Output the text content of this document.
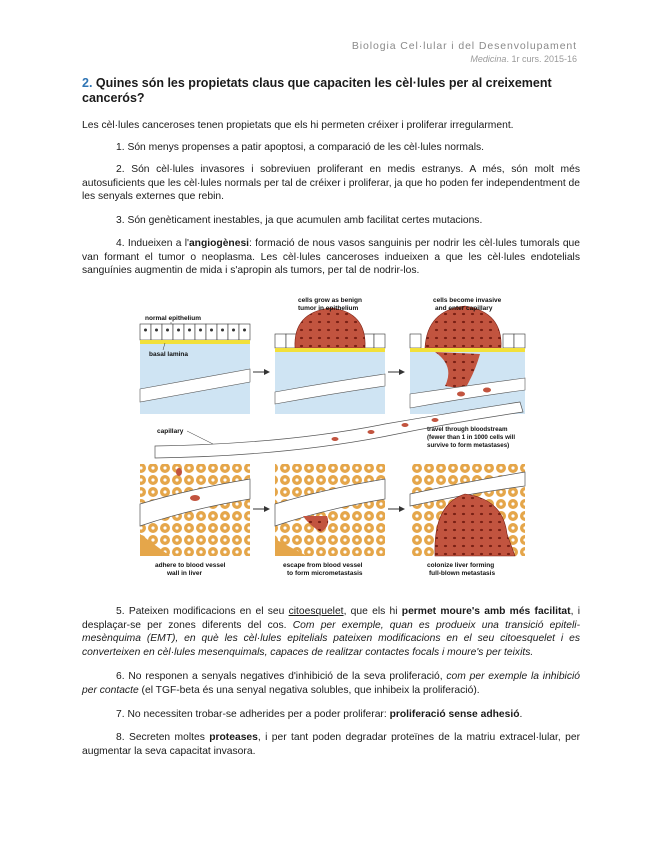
Biologia Cel·lular i del Desenvolupament
Medicina. 1r curs. 2015-16
2. Quines són les propietats claus que capaciten les cèl·lules per al creixement cancerós?

Les cèl·lules canceroses tenen propietats que els hi permeten créixer i proliferar irregularment.

1. Són menys propenses a patir apoptosi, a comparació de les cèl·lules normals.

2. Són cèl·lules invasores i sobreviuen proliferant en medis estranys. A més, són molt més autosuficients que les cèl·lules normals per tal de créixer i proliferar, ja que ho poden fer independentment de les senyals externes que rebin.

3. Són genèticament inestables, ja que acumulen amb facilitat certes mutacions.

4. Indueixen a l'angiogènesi: formació de nous vasos sanguinis per nodrir les cèl·lules tumorals que van formant el tumor o neoplasma. Les cèl·lules canceroses indueixen a que les cèl·lules endotelials sanguínies augmentin de mida i s'apropin als tumors, per tal de nodrir-los.

normal epithelium
basal lamina
cells grow as benign
tumor in epithelium
cells become invasive
and enter capillary
capillary	travel through bloodstream
(fewer than 1 in 1000 cells will
survive to form metastases)
adhere to blood vessel
wall in liver
escape from blood vessel
to form micrometastasis
colonize liver forming
full-blown metastasis

5. Pateixen modificacions en el seu citoesquelet, que els hi permet moure's amb més facilitat, i desplaçar-se per zones diferents del cos. Com per exemple, quan es produeix una transició epiteli-mesènquima (EMT), en què les cèl·lules epitelials pateixen modificacions en el seu citoesquelet i es converteixen en cèl·lules mesenquimals, capaces de realitzar contactes focals i moure's per teixits.

6. No responen a senyals negatives d'inhibició de la seva proliferació, com per exemple la inhibició per contacte (el TGF-beta és una senyal negativa solubles, que inhibeix la proliferació).

7. No necessiten trobar-se adherides per a poder proliferar: proliferació sense adhesió.

8. Secreten moltes proteases, i per tant poden degradar proteïnes de la matriu extracel·lular, per augmentar la seva capacitat invasora.
